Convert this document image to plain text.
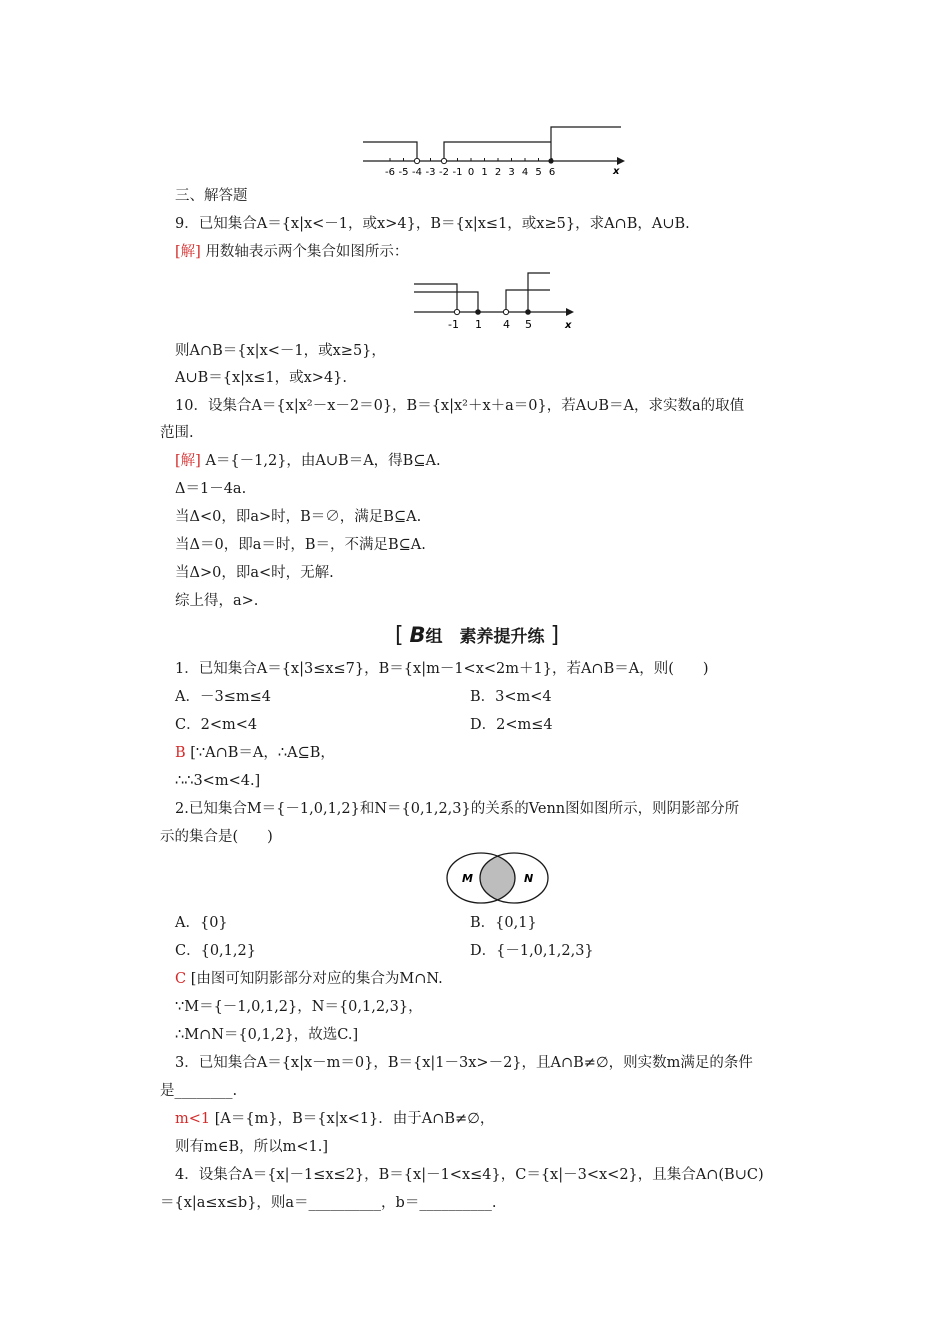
-6 -5 -4 -3 -2 -1 0 1 2 3 4 5 6	x
三、解答题
9．已知集合A＝{x|x<－1，或x>4}，B＝{x|x≤1，或x≥5}，求A∩B，A∪B.
[解] 用数轴表示两个集合如图所示：
-1 1 4 5	x
则A∩B＝{x|x<－1，或x≥5}，
A∪B＝{x|x≤1，或x>4}.
10．设集合A＝{x|x²－x－2＝0}，B＝{x|x²＋x＋a＝0}，若A∪B＝A，求实数a的取值
范围.
[解] A＝{－1,2}，由A∪B＝A，得B⊆A.
Δ＝1－4a.
当Δ<0，即a>时，B＝∅，满足B⊆A.
当Δ＝0，即a＝时，B＝，不满足B⊆A.
当Δ>0，即a<时，无解.
综上得，a>.
[ B组　素养提升练 ]
1．已知集合A＝{x|3≤x≤7}，B＝{x|m－1<x<2m＋1}，若A∩B＝A，则(　　)
A．－3≤m≤4	B．3<m<4
C．2<m<4	D．2<m≤4
B [∵A∩B＝A，∴A⊆B，
∴∴3<m<4.]
2.已知集合M＝{－1,0,1,2}和N＝{0,1,2,3}的关系的Venn图如图所示，则阴影部分所
示的集合是(　　)
M	N
A．{0}	B．{0,1}
C．{0,1,2}	D．{－1,0,1,2,3}
C [由图可知阴影部分对应的集合为M∩N.
∵M＝{－1,0,1,2}，N＝{0,1,2,3}，
∴M∩N＝{0,1,2}，故选C.]
3．已知集合A＝{x|x－m＝0}，B＝{x|1－3x>－2}，且A∩B≠∅，则实数m满足的条件
是________.
m<1 [A＝{m}，B＝{x|x<1}．由于A∩B≠∅，
则有m∈B，所以m<1.]
4．设集合A＝{x|－1≤x≤2}，B＝{x|－1<x≤4}，C＝{x|－3<x<2}，且集合A∩(B∪C)
＝{x|a≤x≤b}，则a＝__________，b＝__________.
